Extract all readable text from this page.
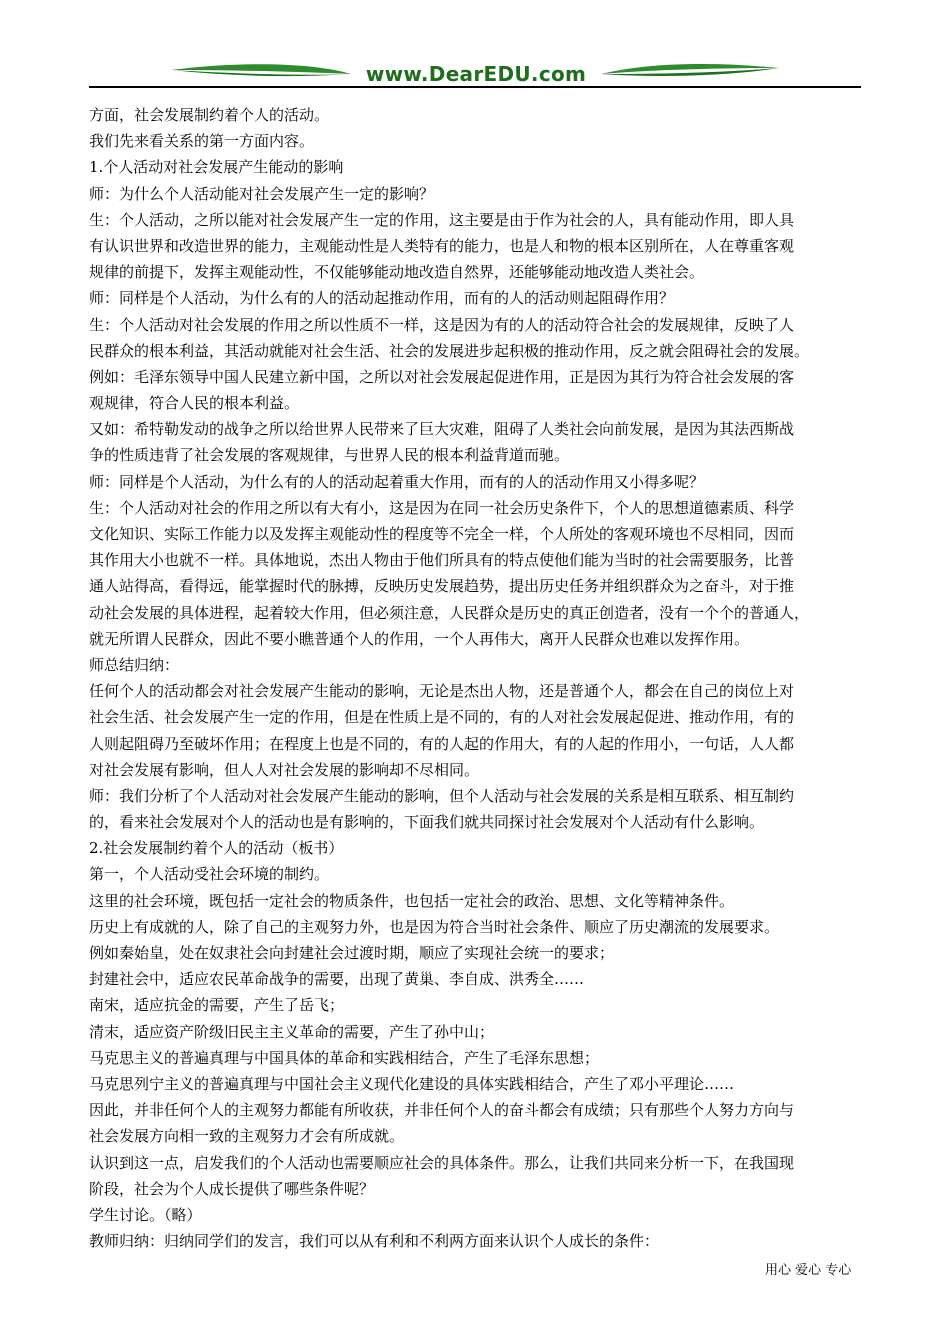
www.DearEDU.com
方面，社会发展制约着个人的活动。
我们先来看关系的第一方面内容。
1.个人活动对社会发展产生能动的影响
师：为什么个人活动能对社会发展产生一定的影响？
生：个人活动，之所以能对社会发展产生一定的作用，这主要是由于作为社会的人，具有能动作用，即人具
有认识世界和改造世界的能力，主观能动性是人类特有的能力，也是人和物的根本区别所在，人在尊重客观
规律的前提下，发挥主观能动性，不仅能够能动地改造自然界，还能够能动地改造人类社会。
师：同样是个人活动，为什么有的人的活动起推动作用，而有的人的活动则起阻碍作用？
生：个人活动对社会发展的作用之所以性质不一样，这是因为有的人的活动符合社会的发展规律，反映了人
民群众的根本利益，其活动就能对社会生活、社会的发展进步起积极的推动作用，反之就会阻碍社会的发展。
例如：毛泽东领导中国人民建立新中国，之所以对社会发展起促进作用，正是因为其行为符合社会发展的客
观规律，符合人民的根本利益。
又如：希特勒发动的战争之所以给世界人民带来了巨大灾难，阻碍了人类社会向前发展，是因为其法西斯战
争的性质违背了社会发展的客观规律，与世界人民的根本利益背道而驰。
师：同样是个人活动，为什么有的人的活动起着重大作用，而有的人的活动作用又小得多呢？
生：个人活动对社会的作用之所以有大有小，这是因为在同一社会历史条件下，个人的思想道德素质、科学
文化知识、实际工作能力以及发挥主观能动性的程度等不完全一样，个人所处的客观环境也不尽相同，因而
其作用大小也就不一样。具体地说，杰出人物由于他们所具有的特点使他们能为当时的社会需要服务，比普
通人站得高，看得远，能掌握时代的脉搏，反映历史发展趋势，提出历史任务并组织群众为之奋斗，对于推
动社会发展的具体进程，起着较大作用，但必须注意，人民群众是历史的真正创造者，没有一个个的普通人，
就无所谓人民群众，因此不要小瞧普通个人的作用，一个人再伟大，离开人民群众也难以发挥作用。
师总结归纳：
任何个人的活动都会对社会发展产生能动的影响，无论是杰出人物，还是普通个人，都会在自己的岗位上对
社会生活、社会发展产生一定的作用，但是在性质上是不同的，有的人对社会发展起促进、推动作用，有的
人则起阻碍乃至破坏作用；在程度上也是不同的，有的人起的作用大，有的人起的作用小，一句话，人人都
对社会发展有影响，但人人对社会发展的影响却不尽相同。
师：我们分析了个人活动对社会发展产生能动的影响，但个人活动与社会发展的关系是相互联系、相互制约
的，看来社会发展对个人的活动也是有影响的，下面我们就共同探讨社会发展对个人活动有什么影响。
2.社会发展制约着个人的活动（板书）
第一，个人活动受社会环境的制约。
这里的社会环境，既包括一定社会的物质条件，也包括一定社会的政治、思想、文化等精神条件。
历史上有成就的人，除了自己的主观努力外，也是因为符合当时社会条件、顺应了历史潮流的发展要求。
例如秦始皇，处在奴隶社会向封建社会过渡时期，顺应了实现社会统一的要求；
封建社会中，适应农民革命战争的需要，出现了黄巢、李自成、洪秀全……
南宋，适应抗金的需要，产生了岳飞；
清末，适应资产阶级旧民主主义革命的需要，产生了孙中山；
马克思主义的普遍真理与中国具体的革命和实践相结合，产生了毛泽东思想；
马克思列宁主义的普遍真理与中国社会主义现代化建设的具体实践相结合，产生了邓小平理论……
因此，并非任何个人的主观努力都能有所收获，并非任何个人的奋斗都会有成绩；只有那些个人努力方向与
社会发展方向相一致的主观努力才会有所成就。
认识到这一点，启发我们的个人活动也需要顺应社会的具体条件。那么，让我们共同来分析一下，在我国现
阶段，社会为个人成长提供了哪些条件呢？
学生讨论。（略）
教师归纳：归纳同学们的发言，我们可以从有利和不利两方面来认识个人成长的条件：
用心 爱心 专心
